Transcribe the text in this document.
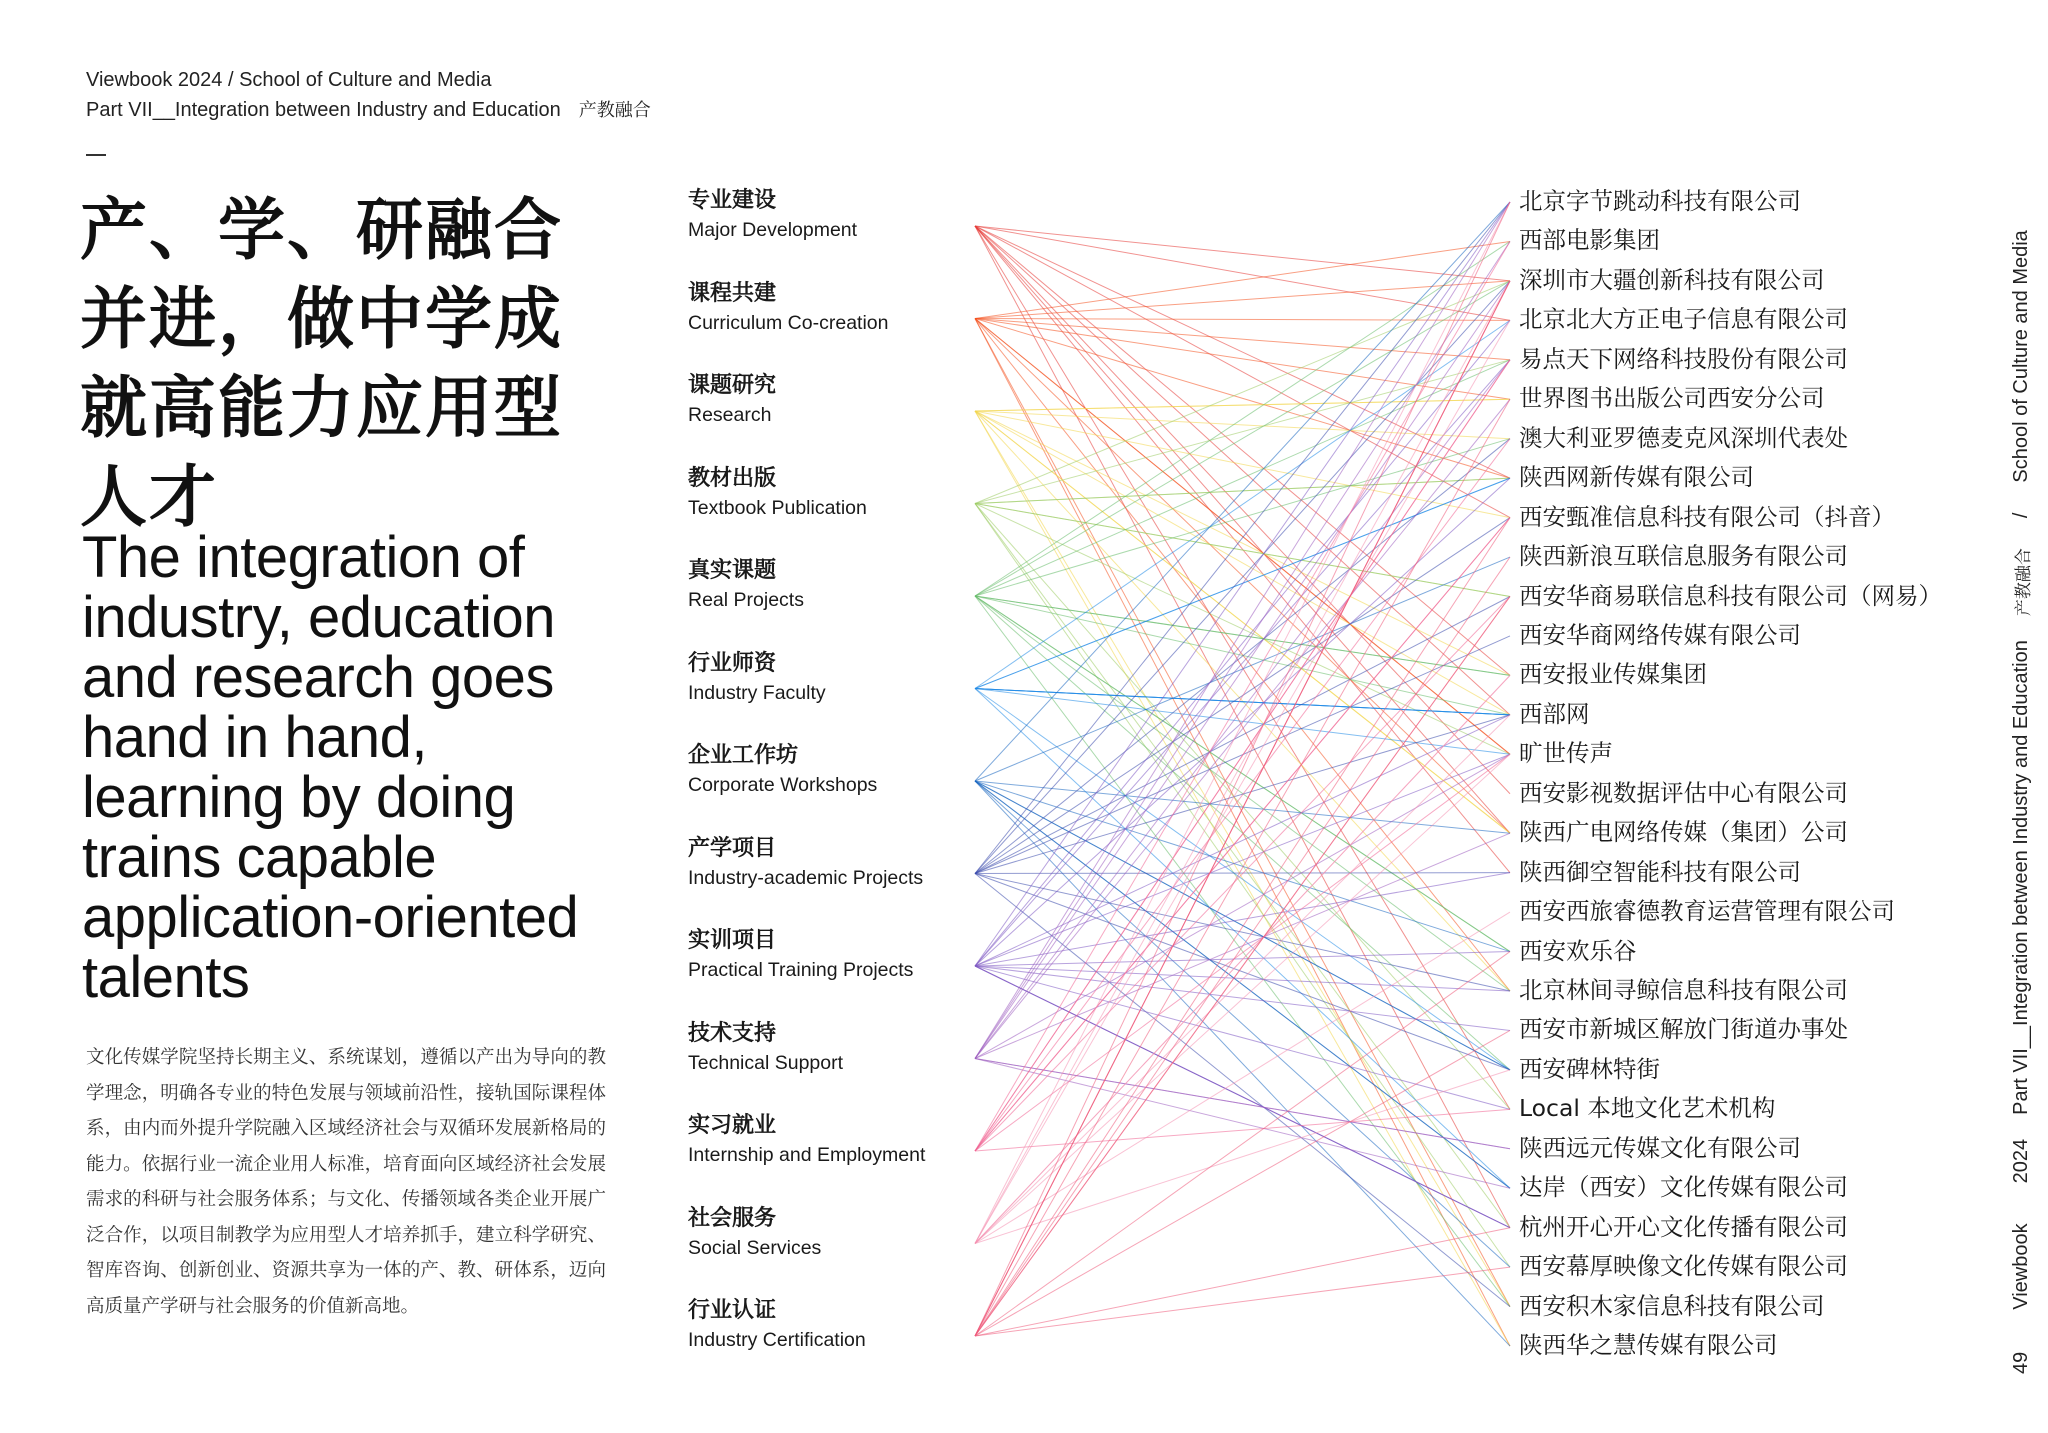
Viewbook 2024 / School of Culture and Media
Part VII__Integration between Industry and Education 产教融合
产、学、研融合并进，做中学成就高能力应用型人才
The integration of industry, education and research goes hand in hand, learning by doing trains capable application-oriented talents
文化传媒学院坚持长期主义、系统谋划，遵循以产出为导向的教学理念，明确各专业的特色发展与领域前沿性，接轨国际课程体系，由内而外提升学院融入区域经济社会与双循环发展新格局的能力。依据行业一流企业用人标准，培育面向区域经济社会发展需求的科研与社会服务体系；与文化、传播领域各类企业开展广泛合作，以项目制教学为应用型人才培养抓手，建立科学研究、智库咨询、创新创业、资源共享为一体的产、教、研体系，迈向高质量产学研与社会服务的价值新高地。
专业建设
Major Development
课程共建
Curriculum Co-creation
课题研究
Research
教材出版
Textbook Publication
真实课题
Real Projects
行业师资
Industry Faculty
企业工作坊
Corporate Workshops
产学项目
Industry-academic Projects
实训项目
Practical Training Projects
技术支持
Technical Support
实习就业
Internship and Employment
社会服务
Social Services
行业认证
Industry Certification
北京字节跳动科技有限公司
西部电影集团
深圳市大疆创新科技有限公司
北京北大方正电子信息有限公司
易点天下网络科技股份有限公司
世界图书出版公司西安分公司
澳大利亚罗德麦克风深圳代表处
陕西网新传媒有限公司
西安甄准信息科技有限公司（抖音）
陕西新浪互联信息服务有限公司
西安华商易联信息科技有限公司（网易）
西安华商网络传媒有限公司
西安报业传媒集团
西部网
旷世传声
西安影视数据评估中心有限公司
陕西广电网络传媒（集团）公司
陕西御空智能科技有限公司
西安西旅睿德教育运营管理有限公司
西安欢乐谷
北京林间寻鲸信息科技有限公司
西安市新城区解放门街道办事处
西安碑林特街
Local 本地文化艺术机构
陕西远元传媒文化有限公司
达岸（西安）文化传媒有限公司
杭州开心开心文化传播有限公司
西安幕厚映像文化传媒有限公司
西安积木家信息科技有限公司
陕西华之慧传媒有限公司
49
Viewbook
2024
Part VII__Integration between Industry and Education
产教融合
/
School of Culture and Media
